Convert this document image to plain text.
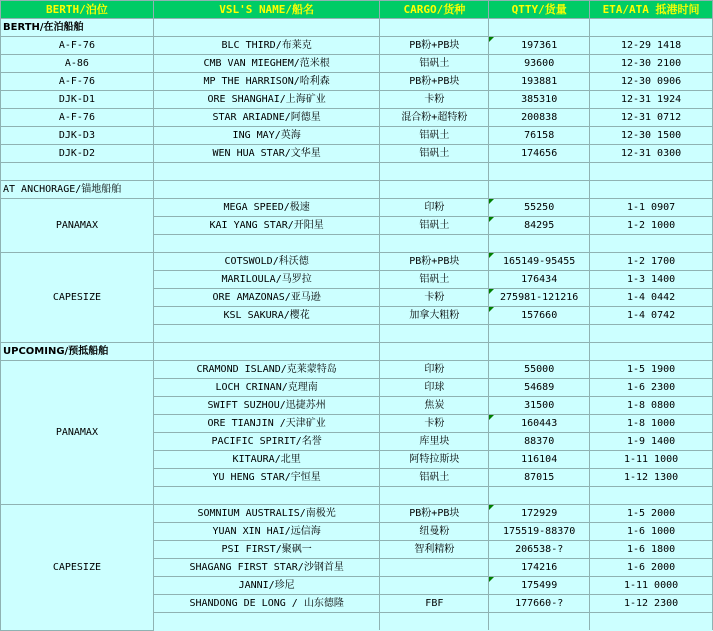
BERTH/泊位	VSL'S NAME/船名	CARGO/货种	QTTY/货量	ETA/ATA 抵港时间
BERTH/在泊船舶				
A-F-76	BLC THIRD/布莱克	PB粉+PB块	197361	12-29 1418
A-86	CMB VAN MIEGHEM/范米根	铝矾土	93600	12-30 2100
A-F-76	MP THE HARRISON/哈利森	PB粉+PB块	193881	12-30 0906
DJK-D1	ORE SHANGHAI/上海矿业	卡粉	385310	12-31 1924
A-F-76	STAR ARIADNE/阿德星	混合粉+超特粉	200838	12-31 0712
DJK-D3	ING MAY/英海	铝矾土	76158	12-30 1500
DJK-D2	WEN HUA STAR/文华星	铝矾土	174656	12-31 0300

AT ANCHORAGE/锚地船舶				
PANAMAX	MEGA SPEED/极速	印粉	55250	1-1 0907
	KAI YANG STAR/开阳星	铝矾土	84295	1-2 1000

CAPESIZE	COTSWOLD/科沃德	PB粉+PB块	165149-95455	1-2 1700
	MARILOULA/马罗拉	铝矾土	176434	1-3 1400
	ORE AMAZONAS/亚马逊	卡粉	275981-121216	1-4 0442
	KSL SAKURA/樱花	加拿大粗粉	157660	1-4 0742

UPCOMING/预抵船舶				
PANAMAX	CRAMOND ISLAND/克莱蒙特岛	印粉	55000	1-5 1900
	LOCH CRINAN/克理南	印球	54689	1-6 2300
	SWIFT SUZHOU/迅捷苏州	焦炭	31500	1-8 0800
	ORE TIANJIN /天津矿业	卡粉	160443	1-8 1000
	PACIFIC SPIRIT/名誉	库里块	88370	1-9 1400
	KITAURA/北里	阿特拉斯块	116104	1-11 1000
	YU HENG STAR/宇恒星	铝矾土	87015	1-12 1300

CAPESIZE	SOMNIUM AUSTRALIS/南极光	PB粉+PB块	172929	1-5 2000
	YUAN XIN HAI/远信海	纽曼粉	175519-88370	1-6 1000
	PSI FIRST/聚砜一	智利精粉	206538-?	1-6 1800
	SHAGANG FIRST STAR/沙钢首星		174216	1-6 2000
	JANNI/珍尼		175499	1-11 0000
	SHANDONG DE LONG / 山东德隆	FBF	177660-?	1-12 2300
